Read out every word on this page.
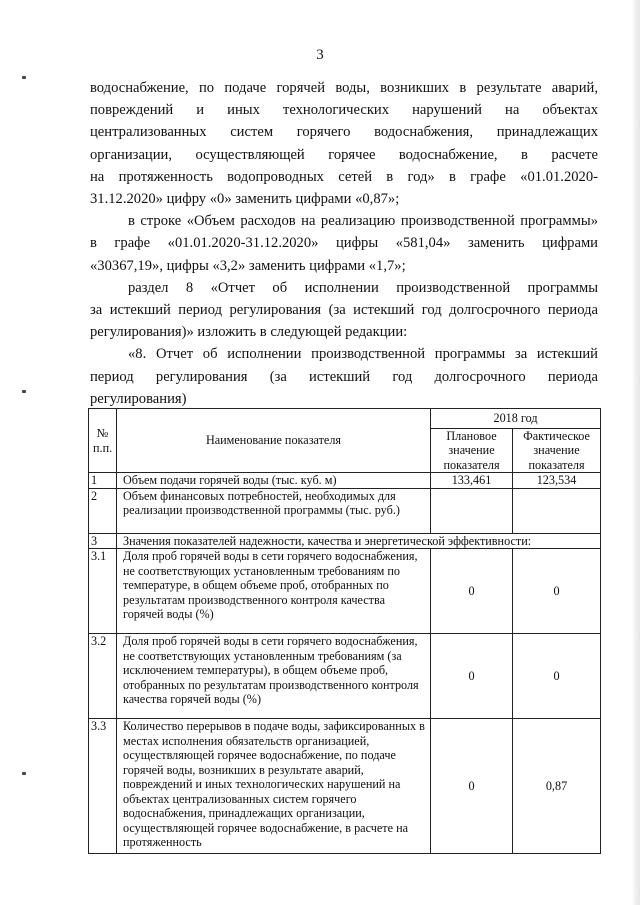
3

водоснабжение, по подаче горячей воды, возникших в результате аварий,
повреждений и иных технологических нарушений на объектах
централизованных систем горячего водоснабжения, принадлежащих
организации, осуществляющей горячее водоснабжение, в расчете
на протяженность водопроводных сетей в год» в графе «01.01.2020-
31.12.2020» цифру «0» заменить цифрами «0,87»;

в строке «Объем расходов на реализацию производственной программы»
в графе «01.01.2020-31.12.2020» цифры «581,04» заменить цифрами
«30367,19», цифры «3,2» заменить цифрами «1,7»;

раздел 8 «Отчет об исполнении производственной программы
за истекший период регулирования (за истекший год долгосрочного периода
регулирования)» изложить в следующей редакции:

«8. Отчет об исполнении производственной программы за истекший
период регулирования (за истекший год долгосрочного периода
регулирования)

№ п.п.	Наименование показателя	2018 год	
		Плановое значение показателя	Фактическое значение показателя
1	Объем подачи горячей воды (тыс. куб. м)	133,461	123,534
2	Объем финансовых потребностей, необходимых для реализации производственной программы (тыс. руб.)		
3	Значения показателей надежности, качества и энергетической эффективности:		
3.1	Доля проб горячей воды в сети горячего водоснабжения, не соответствующих установленным требованиям по температуре, в общем объеме проб, отобранных по результатам производственного контроля качества горячей воды (%)	0	0
3.2	Доля проб горячей воды в сети горячего водоснабжения, не соответствующих установленным требованиям (за исключением температуры), в общем объеме проб, отобранных по результатам производственного контроля качества горячей воды (%)	0	0
3.3	Количество перерывов в подаче воды, зафиксированных в местах исполнения обязательств организацией, осуществляющей горячее водоснабжение, по подаче горячей воды, возникших в результате аварий, повреждений и иных технологических нарушений на объектах централизованных систем горячего водоснабжения, принадлежащих организации, осуществляющей горячее водоснабжение, в расчете на протяженность	0	0,87
